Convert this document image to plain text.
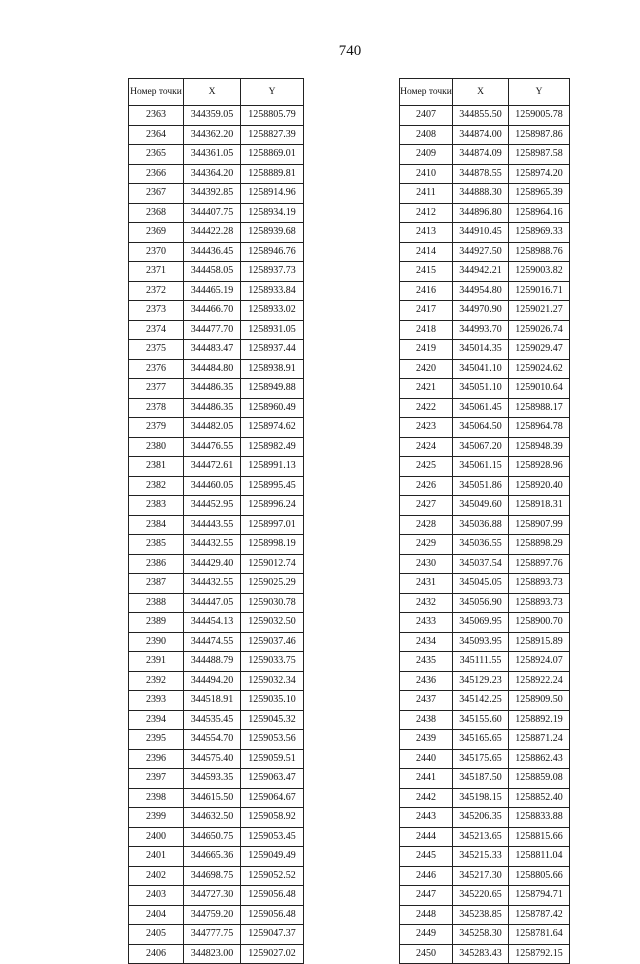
740
Номер точки	X	Y
2363	344359.05	1258805.79
2364	344362.20	1258827.39
2365	344361.05	1258869.01
2366	344364.20	1258889.81
2367	344392.85	1258914.96
2368	344407.75	1258934.19
2369	344422.28	1258939.68
2370	344436.45	1258946.76
2371	344458.05	1258937.73
2372	344465.19	1258933.84
2373	344466.70	1258933.02
2374	344477.70	1258931.05
2375	344483.47	1258937.44
2376	344484.80	1258938.91
2377	344486.35	1258949.88
2378	344486.35	1258960.49
2379	344482.05	1258974.62
2380	344476.55	1258982.49
2381	344472.61	1258991.13
2382	344460.05	1258995.45
2383	344452.95	1258996.24
2384	344443.55	1258997.01
2385	344432.55	1258998.19
2386	344429.40	1259012.74
2387	344432.55	1259025.29
2388	344447.05	1259030.78
2389	344454.13	1259032.50
2390	344474.55	1259037.46
2391	344488.79	1259033.75
2392	344494.20	1259032.34
2393	344518.91	1259035.10
2394	344535.45	1259045.32
2395	344554.70	1259053.56
2396	344575.40	1259059.51
2397	344593.35	1259063.47
2398	344615.50	1259064.67
2399	344632.50	1259058.92
2400	344650.75	1259053.45
2401	344665.36	1259049.49
2402	344698.75	1259052.52
2403	344727.30	1259056.48
2404	344759.20	1259056.48
2405	344777.75	1259047.37
2406	344823.00	1259027.02
Номер точки	X	Y
2407	344855.50	1259005.78
2408	344874.00	1258987.86
2409	344874.09	1258987.58
2410	344878.55	1258974.20
2411	344888.30	1258965.39
2412	344896.80	1258964.16
2413	344910.45	1258969.33
2414	344927.50	1258988.76
2415	344942.21	1259003.82
2416	344954.80	1259016.71
2417	344970.90	1259021.27
2418	344993.70	1259026.74
2419	345014.35	1259029.47
2420	345041.10	1259024.62
2421	345051.10	1259010.64
2422	345061.45	1258988.17
2423	345064.50	1258964.78
2424	345067.20	1258948.39
2425	345061.15	1258928.96
2426	345051.86	1258920.40
2427	345049.60	1258918.31
2428	345036.88	1258907.99
2429	345036.55	1258898.29
2430	345037.54	1258897.76
2431	345045.05	1258893.73
2432	345056.90	1258893.73
2433	345069.95	1258900.70
2434	345093.95	1258915.89
2435	345111.55	1258924.07
2436	345129.23	1258922.24
2437	345142.25	1258909.50
2438	345155.60	1258892.19
2439	345165.65	1258871.24
2440	345175.65	1258862.43
2441	345187.50	1258859.08
2442	345198.15	1258852.40
2443	345206.35	1258833.88
2444	345213.65	1258815.66
2445	345215.33	1258811.04
2446	345217.30	1258805.66
2447	345220.65	1258794.71
2448	345238.85	1258787.42
2449	345258.30	1258781.64
2450	345283.43	1258792.15
